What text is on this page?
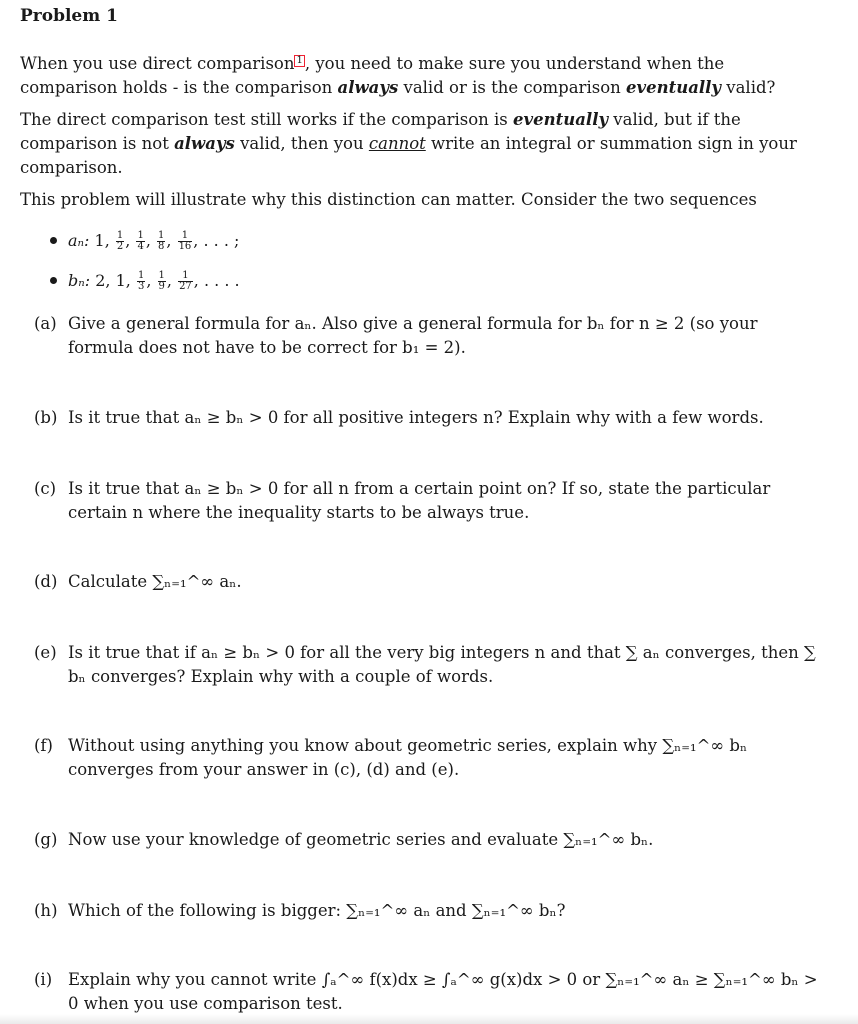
Problem 1

When you use direct comparison 1 , you need to make sure you understand when the comparison holds - is the comparison always valid or is the comparison eventually valid?

The direct comparison test still works if the comparison is eventually valid, but if the comparison is not always valid, then you cannot write an integral or summation sign in your comparison.

This problem will illustrate why this distinction can matter. Consider the two sequences

aₙ: 1, $\frac{1}{2}$ , $\frac{1}{4}$ , $\frac{1}{8}$ , $\frac{1}{16}$ , . . . ;
bₙ: 2, 1, $\frac{1}{3}$ , $\frac{1}{9}$ , $\frac{1}{27}$ , . . . .
(a) Give a general formula for aₙ. Also give a general formula for bₙ for n ≥ 2 (so your formula does not have to be correct for b₁ = 2).
(b) Is it true that aₙ ≥ bₙ > 0 for all positive integers n? Explain why with a few words.
(c) Is it true that aₙ ≥ bₙ > 0 for all n from a certain point on? If so, state the particular certain n where the inequality starts to be always true.
(d) Calculate ∑ₙ₌₁^∞ aₙ.
(e) Is it true that if aₙ ≥ bₙ > 0 for all the very big integers n and that ∑ aₙ converges, then ∑ bₙ converges? Explain why with a couple of words.
(f) Without using anything you know about geometric series, explain why ∑ₙ₌₁^∞ bₙ converges from your answer in (c), (d) and (e).
(g) Now use your knowledge of geometric series and evaluate ∑ₙ₌₁^∞ bₙ.
(h) Which of the following is bigger: ∑ₙ₌₁^∞ aₙ and ∑ₙ₌₁^∞ bₙ?
(i) Explain why you cannot write ∫ₐ^∞ f(x)dx ≥ ∫ₐ^∞ g(x)dx > 0 or ∑ₙ₌₁^∞ aₙ ≥ ∑ₙ₌₁^∞ bₙ > 0 when you use comparison test.
